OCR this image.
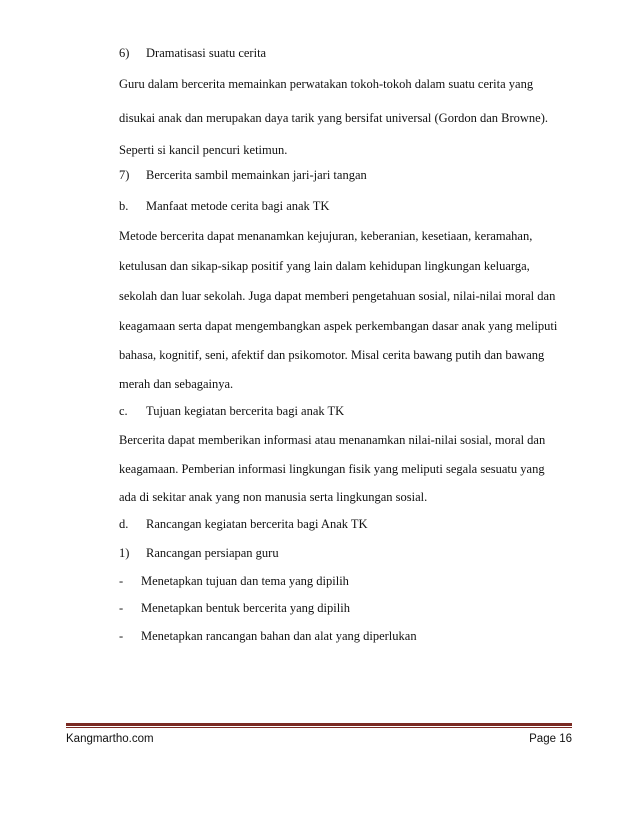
6) Dramatisasi suatu cerita
Guru dalam bercerita memainkan perwatakan tokoh-tokoh dalam suatu cerita yang
disukai anak dan merupakan daya tarik yang bersifat universal (Gordon dan Browne).
Seperti si kancil pencuri ketimun.
7) Bercerita sambil memainkan jari-jari tangan
b. Manfaat metode cerita bagi anak TK
Metode bercerita dapat menanamkan kejujuran, keberanian, kesetiaan, keramahan,
ketulusan dan sikap-sikap positif yang lain dalam kehidupan lingkungan keluarga,
sekolah dan luar sekolah. Juga dapat memberi pengetahuan sosial, nilai-nilai moral dan
keagamaan serta dapat mengembangkan aspek perkembangan dasar anak yang meliputi
bahasa, kognitif, seni, afektif dan psikomotor. Misal cerita bawang putih dan bawang
merah dan sebagainya.
c. Tujuan kegiatan bercerita bagi anak TK
Bercerita dapat memberikan informasi atau menanamkan nilai-nilai sosial, moral dan
keagamaan. Pemberian informasi lingkungan fisik yang meliputi segala sesuatu yang
ada di sekitar anak yang non manusia serta lingkungan sosial.
d. Rancangan kegiatan bercerita bagi Anak TK
1) Rancangan persiapan guru
- Menetapkan tujuan dan tema yang dipilih
- Menetapkan bentuk bercerita yang dipilih
- Menetapkan rancangan bahan dan alat yang diperlukan
Kangmartho.com	Page 16
